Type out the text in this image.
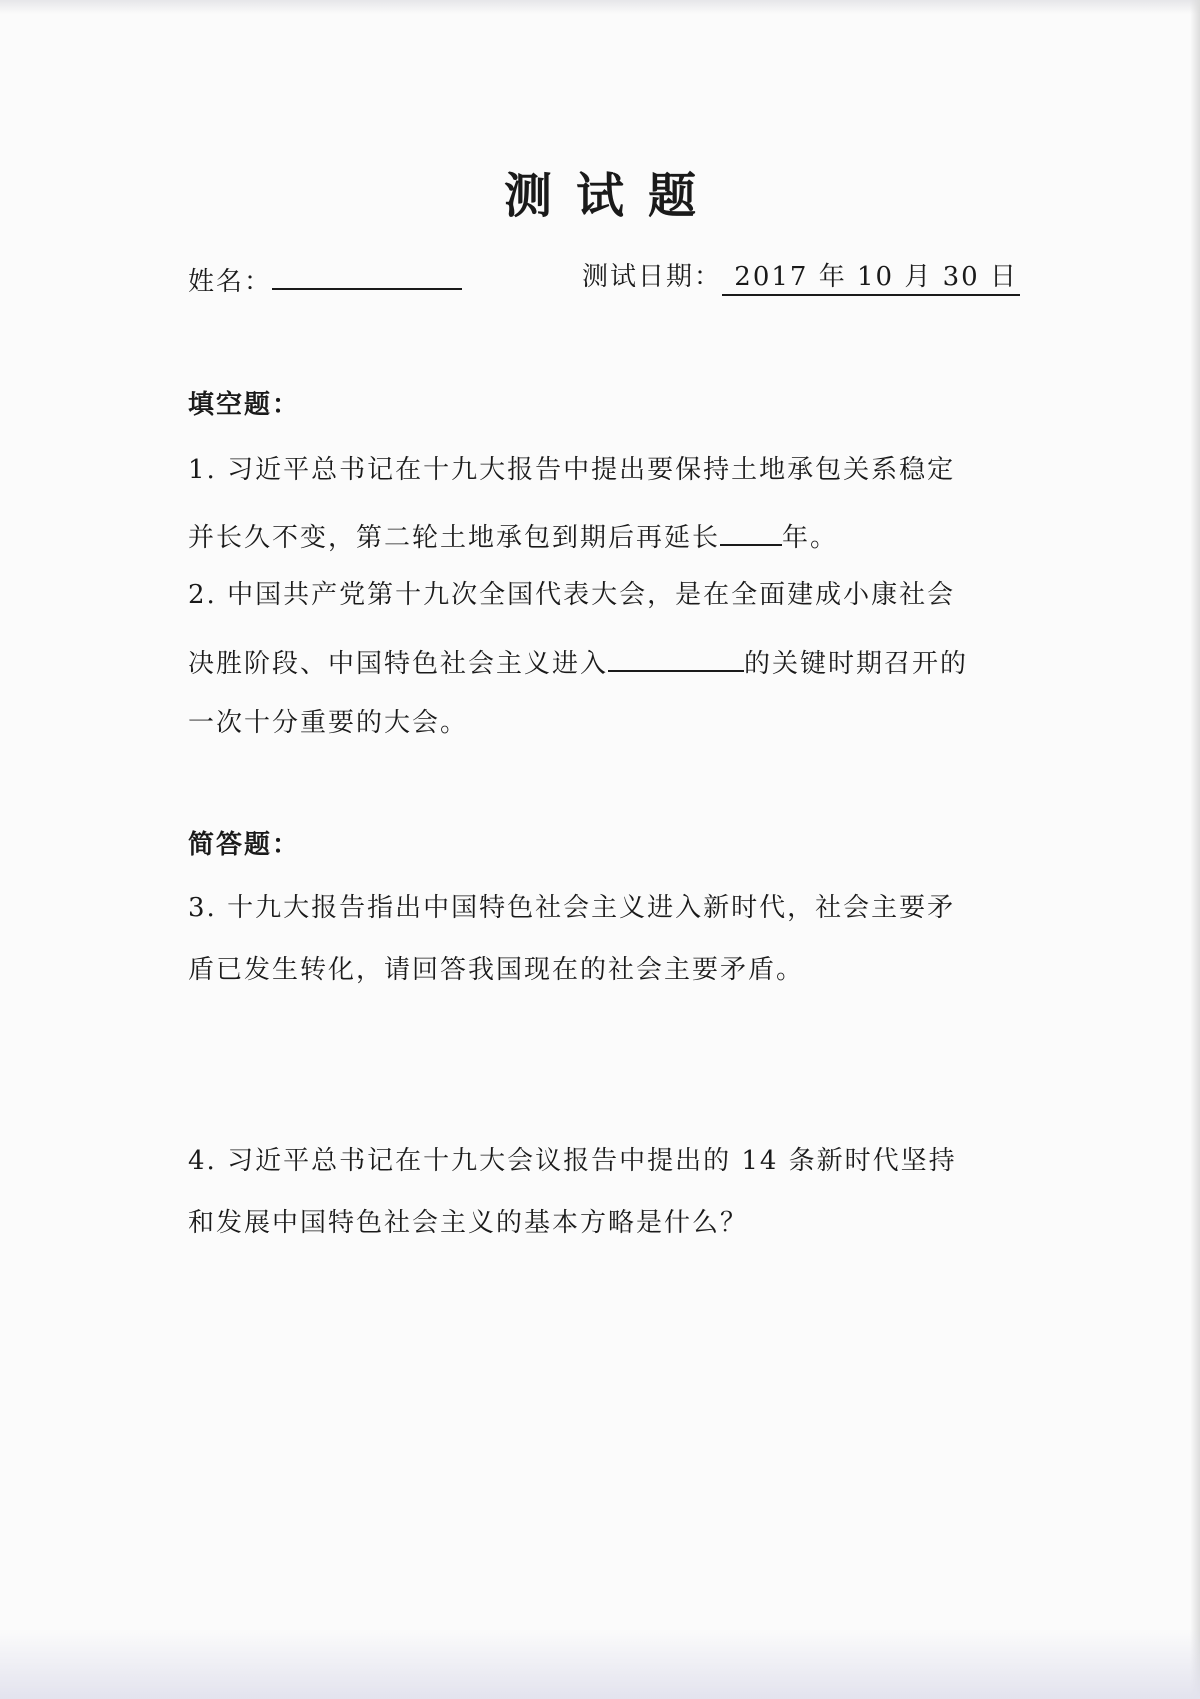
测试题
姓名：	测试日期： 2017 年 10 月 30 日
填空题：
1. 习近平总书记在十九大报告中提出要保持土地承包关系稳定
并长久不变，第二轮土地承包到期后再延长 年。
2. 中国共产党第十九次全国代表大会，是在全面建成小康社会
决胜阶段、中国特色社会主义进入	的关键时期召开的
一次十分重要的大会。
简答题：
3. 十九大报告指出中国特色社会主义进入新时代，社会主要矛
盾已发生转化，请回答我国现在的社会主要矛盾。
4. 习近平总书记在十九大会议报告中提出的 14 条新时代坚持
和发展中国特色社会主义的基本方略是什么？
